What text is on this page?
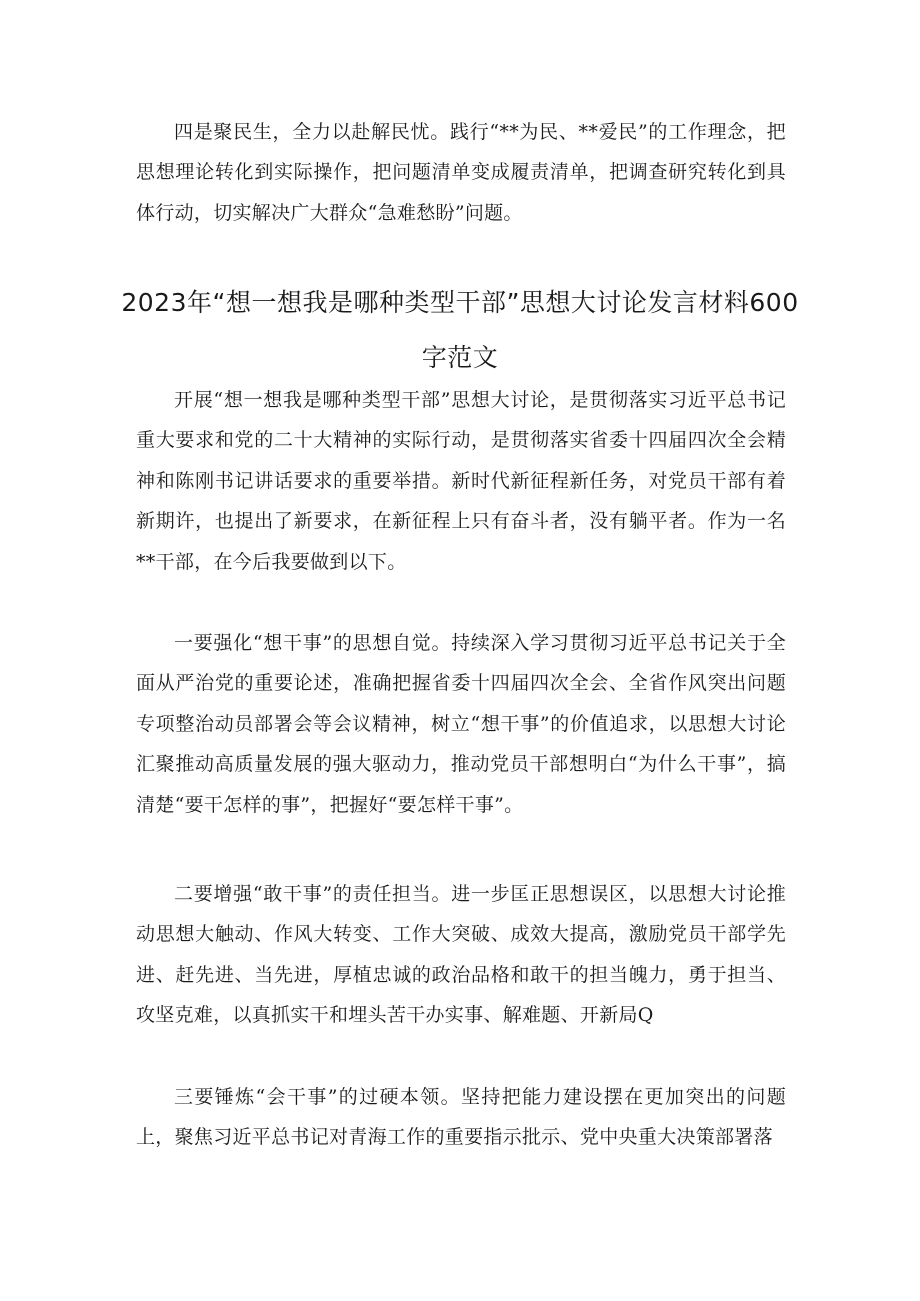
四是聚民生，全力以赴解民忧。践行“**为民、**爱民”的工作理念，把思想理论转化到实际操作，把问题清单变成履责清单，把调查研究转化到具体行动，切实解决广大群众“急难愁盼”问题。

2023年“想一想我是哪种类型干部”思想大讨论发言材料600字范文

开展“想一想我是哪种类型干部”思想大讨论，是贯彻落实习近平总书记重大要求和党的二十大精神的实际行动，是贯彻落实省委十四届四次全会精神和陈刚书记讲话要求的重要举措。新时代新征程新任务，对党员干部有着新期许，也提出了新要求，在新征程上只有奋斗者，没有躺平者。作为一名**干部，在今后我要做到以下。

一要强化“想干事”的思想自觉。持续深入学习贯彻习近平总书记关于全面从严治党的重要论述，准确把握省委十四届四次全会、全省作风突出问题专项整治动员部署会等会议精神，树立“想干事”的价值追求，以思想大讨论汇聚推动高质量发展的强大驱动力，推动党员干部想明白“为什么干事”，搞清楚“要干怎样的事”，把握好“要怎样干事”。

二要增强“敢干事”的责任担当。进一步匡正思想误区，以思想大讨论推动思想大触动、作风大转变、工作大突破、成效大提高，激励党员干部学先进、赶先进、当先进，厚植忠诚的政治品格和敢干的担当魄力，勇于担当、攻坚克难，以真抓实干和埋头苦干办实事、解难题、开新局Q

三要锤炼“会干事”的过硬本领。坚持把能力建设摆在更加突出的问题上，聚焦习近平总书记对青海工作的重要指示批示、党中央重大决策部署落
